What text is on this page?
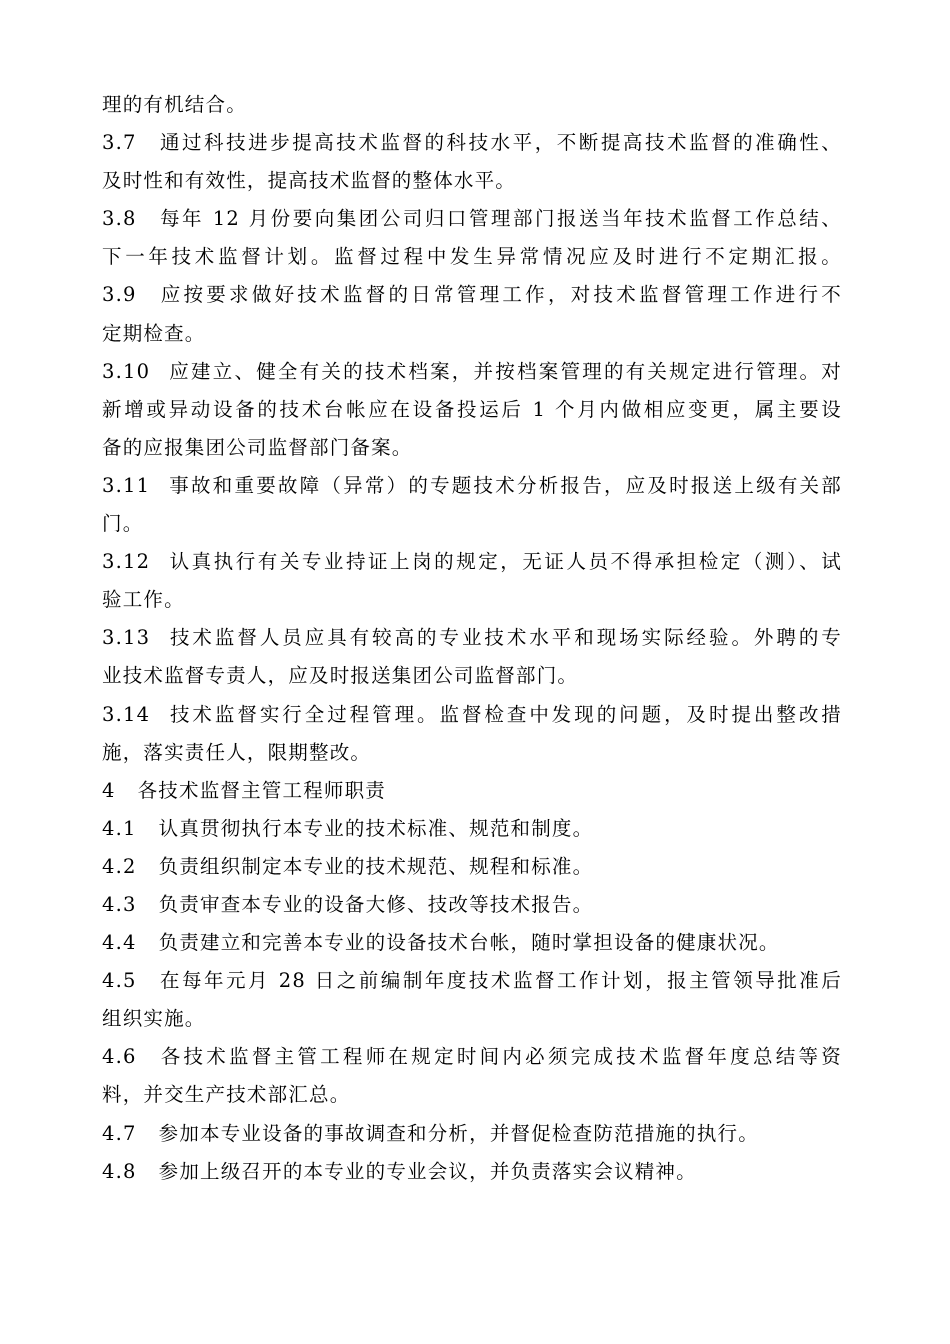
理的有机结合。
3.7 通过科技进步提高技术监督的科技水平，不断提高技术监督的准确性、
及时性和有效性，提高技术监督的整体水平。
3.8 每年 12 月份要向集团公司归口管理部门报送当年技术监督工作总结、
下一年技术监督计划。监督过程中发生异常情况应及时进行不定期汇报。
3.9 应按要求做好技术监督的日常管理工作，对技术监督管理工作进行不
定期检查。
3.10 应建立、健全有关的技术档案，并按档案管理的有关规定进行管理。对
新增或异动设备的技术台帐应在设备投运后 1 个月内做相应变更，属主要设
备的应报集团公司监督部门备案。
3.11 事故和重要故障（异常）的专题技术分析报告，应及时报送上级有关部
门。
3.12 认真执行有关专业持证上岗的规定，无证人员不得承担检定（测）、试
验工作。
3.13 技术监督人员应具有较高的专业技术水平和现场实际经验。外聘的专
业技术监督专责人，应及时报送集团公司监督部门。
3.14 技术监督实行全过程管理。监督检查中发现的问题，及时提出整改措
施，落实责任人，限期整改。
4 各技术监督主管工程师职责
4.1 认真贯彻执行本专业的技术标准、规范和制度。
4.2 负责组织制定本专业的技术规范、规程和标准。
4.3 负责审查本专业的设备大修、技改等技术报告。
4.4 负责建立和完善本专业的设备技术台帐，随时掌担设备的健康状况。
4.5 在每年元月 28 日之前编制年度技术监督工作计划，报主管领导批准后
组织实施。
4.6 各技术监督主管工程师在规定时间内必须完成技术监督年度总结等资
料，并交生产技术部汇总。
4.7 参加本专业设备的事故调查和分析，并督促检查防范措施的执行。
4.8 参加上级召开的本专业的专业会议，并负责落实会议精神。
